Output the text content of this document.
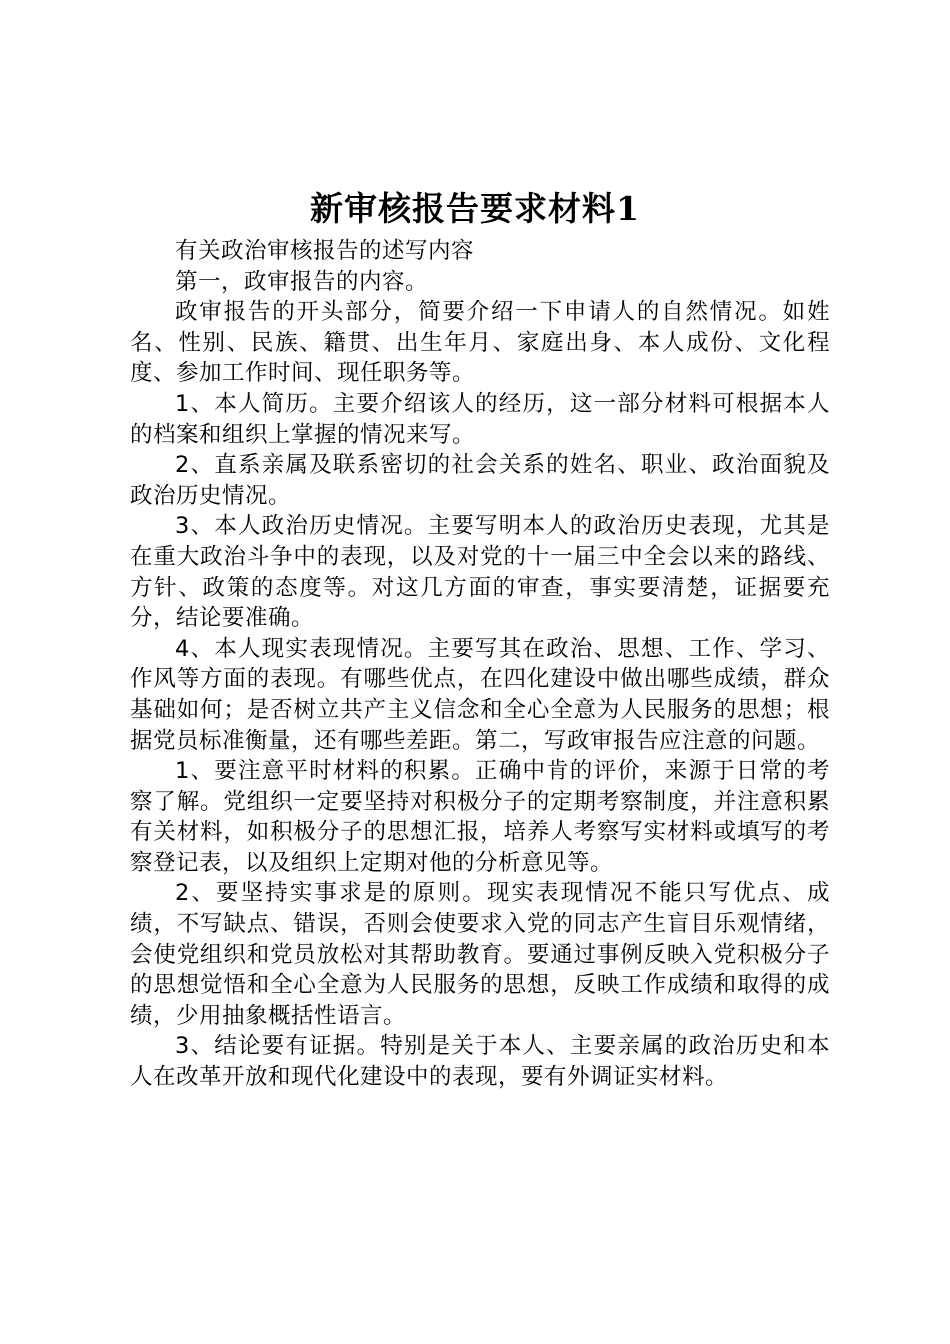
新审核报告要求材料1

有关政治审核报告的述写内容

第一，政审报告的内容。

政审报告的开头部分，简要介绍一下申请人的自然情况。如姓名、性别、民族、籍贯、出生年月、家庭出身、本人成份、文化程度、参加工作时间、现任职务等。

1、本人简历。主要介绍该人的经历，这一部分材料可根据本人的档案和组织上掌握的情况来写。

2、直系亲属及联系密切的社会关系的姓名、职业、政治面貌及政治历史情况。

3、本人政治历史情况。主要写明本人的政治历史表现，尤其是在重大政治斗争中的表现，以及对党的十一届三中全会以来的路线、方针、政策的态度等。对这几方面的审查，事实要清楚，证据要充分，结论要准确。

4、本人现实表现情况。主要写其在政治、思想、工作、学习、作风等方面的表现。有哪些优点，在四化建设中做出哪些成绩，群众基础如何；是否树立共产主义信念和全心全意为人民服务的思想；根据党员标准衡量，还有哪些差距。第二，写政审报告应注意的问题。

1、要注意平时材料的积累。正确中肯的评价，来源于日常的考察了解。党组织一定要坚持对积极分子的定期考察制度，并注意积累有关材料，如积极分子的思想汇报，培养人考察写实材料或填写的考察登记表，以及组织上定期对他的分析意见等。

2、要坚持实事求是的原则。现实表现情况不能只写优点、成绩，不写缺点、错误，否则会使要求入党的同志产生盲目乐观情绪，会使党组织和党员放松对其帮助教育。要通过事例反映入党积极分子的思想觉悟和全心全意为人民服务的思想，反映工作成绩和取得的成绩，少用抽象概括性语言。

3、结论要有证据。特别是关于本人、主要亲属的政治历史和本人在改革开放和现代化建设中的表现，要有外调证实材料。
